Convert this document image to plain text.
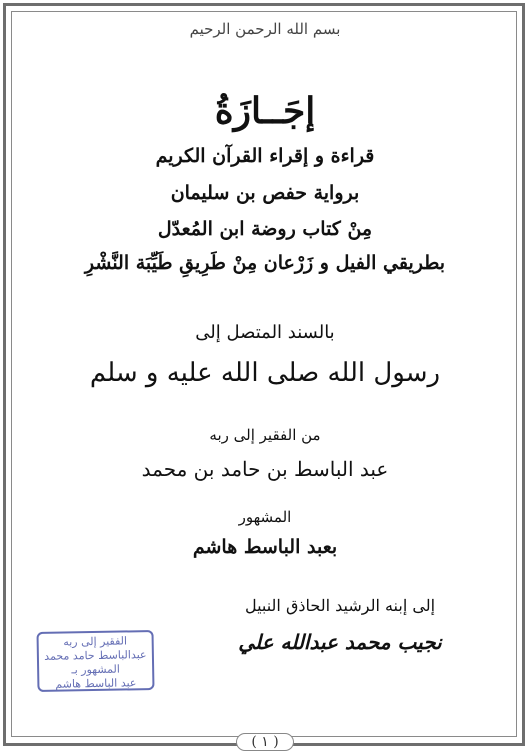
بسم الله الرحمن الرحيم
إجَــازَةُ
قراءة و إقراء القرآن الكريم
برواية حفص بن سليمان
مِنْ كتاب روضة ابن المُعدّل
بطريقي الفيل و زَرْعان مِنْ طَرِيقِ طَيِّبَة النَّشْرِ
بالسند المتصل إلى
رسول الله صلى الله عليه و سلم
من الفقير إلى ربه
عبد الباسط بن حامد بن محمد
المشهور
بعبد الباسط هاشم
إلى إبنه الرشيد الحاذق النبيل
نجيب محمد عبدالله علي
الفقير إلى ربه
عبدالباسط حامد محمد
المشهور بـ
عبد الباسط هاشم
( ١ )
